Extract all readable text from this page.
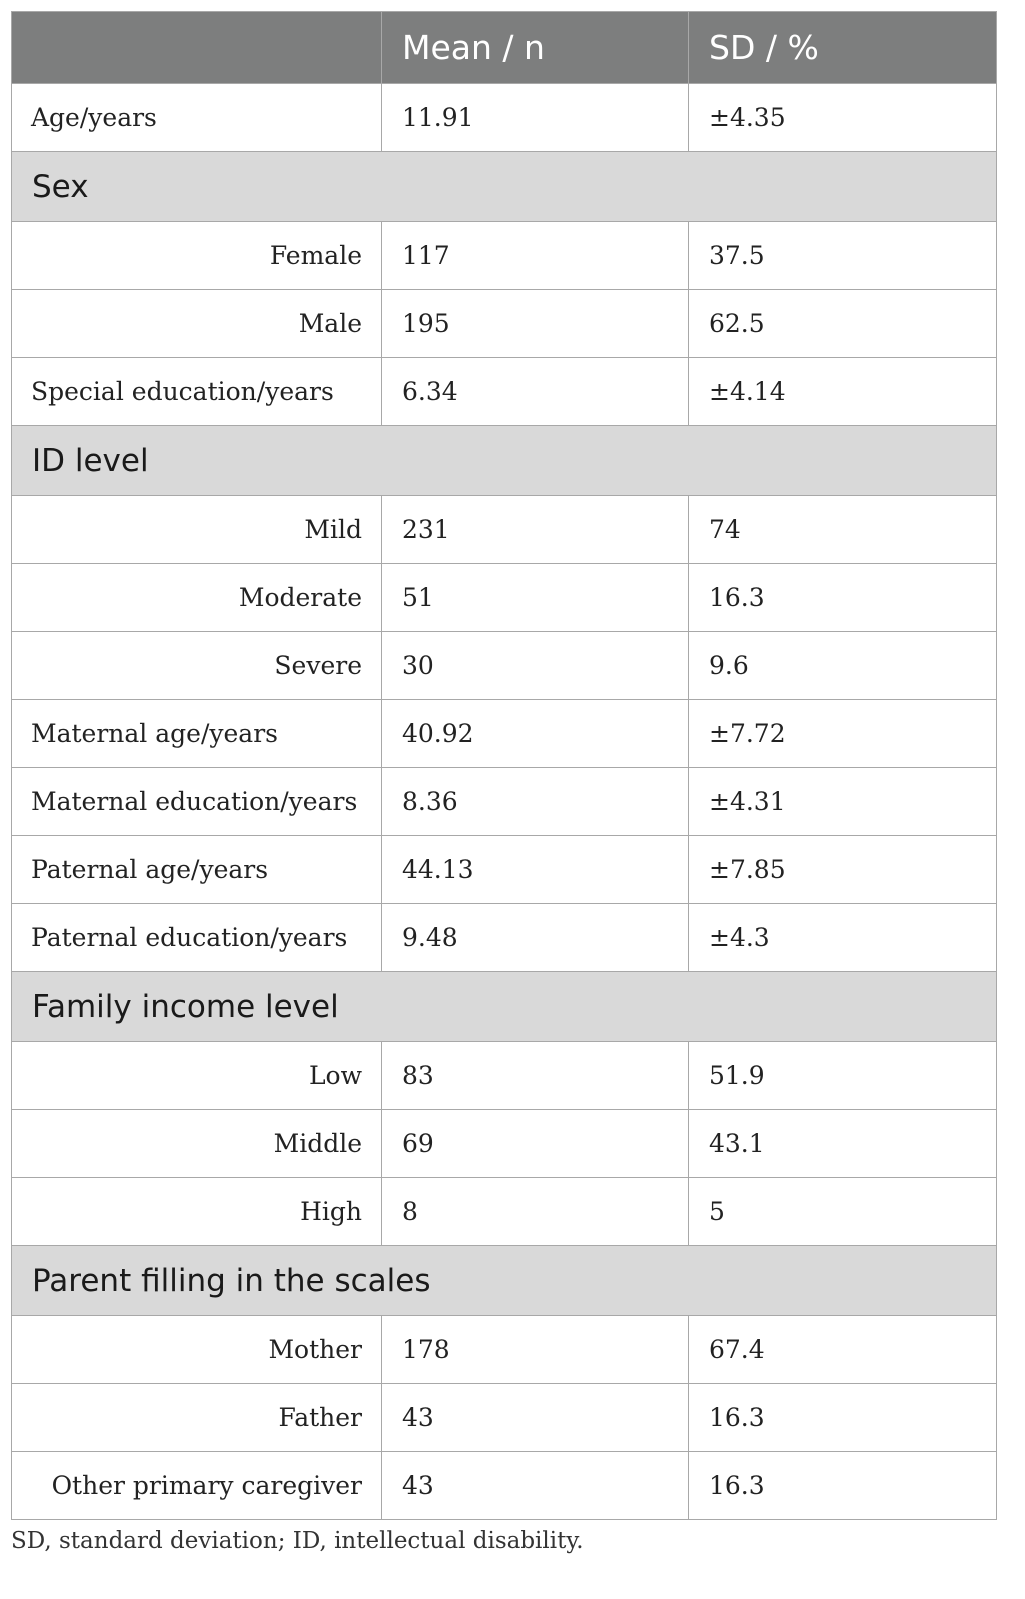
	Mean / n	SD / %
Age/years	11.91	±4.35
Sex		
Female	117	37.5
Male	195	62.5
Special education/years	6.34	±4.14
ID level		
Mild	231	74
Moderate	51	16.3
Severe	30	9.6
Maternal age/years	40.92	±7.72
Maternal education/years	8.36	±4.31
Paternal age/years	44.13	±7.85
Paternal education/years	9.48	±4.3
Family income level		
Low	83	51.9
Middle	69	43.1
High	8	5
Parent filling in the scales		
Mother	178	67.4
Father	43	16.3
Other primary caregiver	43	16.3
SD, standard deviation; ID, intellectual disability.
